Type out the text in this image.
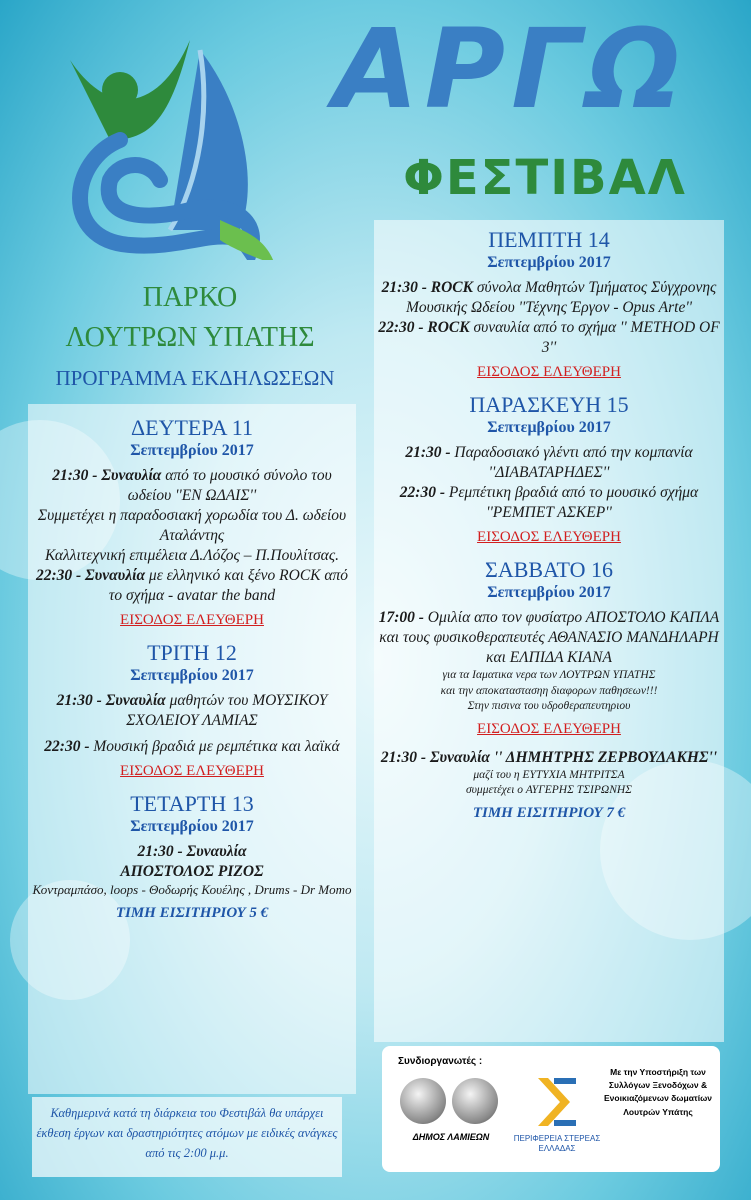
ΑΡΓΩ
ΦΕΣΤΙΒΑΛ
ΠΑΡΚΟ
ΛΟΥΤΡΩΝ ΥΠΑΤΗΣ
ΠΡΟΓΡΑΜΜΑ ΕΚΔΗΛΩΣΕΩΝ

ΔΕΥΤΕΡΑ 11

Σεπτεμβρίου 2017

21:30 - Συναυλία από το μουσικό σύνολο του ωδείου ''ΕΝ ΩΔΑΙΣ''

Συμμετέχει η παραδοσιακή χορωδία του Δ. ωδείου Αταλάντης

Καλλιτεχνική επιμέλεια Δ.Λόζος – Π.Πουλίτσας.

22:30 - Συναυλία με ελληνικό και ξένο ROCK από το σχήμα - avatar the band

ΕΙΣΟΔΟΣ ΕΛΕΥΘΕΡΗ

ΤΡΙΤΗ 12

Σεπτεμβρίου 2017

21:30 - Συναυλία μαθητών του ΜΟΥΣΙΚΟΥ ΣΧΟΛΕΙΟΥ ΛΑΜΙΑΣ

22:30 - Μουσική βραδιά με ρεμπέτικα και λαϊκά

ΕΙΣΟΔΟΣ ΕΛΕΥΘΕΡΗ

ΤΕΤΑΡΤΗ 13

Σεπτεμβρίου 2017

21:30 - Συναυλία

ΑΠΟΣΤΟΛΟΣ ΡΙΖΟΣ

Κοντραμπάσο, loops - Θοδωρής Κουέλης , Drums - Dr Momo

ΤΙΜΗ ΕΙΣΙΤΗΡΙΟΥ 5 €

Καθημερινά κατά τη διάρκεια του Φεστιβάλ θα υπάρχει έκθεση έργων και δραστηριότητες ατόμων με ειδικές ανάγκες από τις 2:00 μ.μ.

ΠΕΜΠΤΗ 14

Σεπτεμβρίου 2017

21:30 - ROCK σύνολα Μαθητών Τμήματος Σύγχρονης Μουσικής Ωδείου ''Τέχνης Έργον - Opus Arte''

22:30 - ROCK συναυλία από το σχήμα '' METHOD OF 3''

ΕΙΣΟΔΟΣ ΕΛΕΥΘΕΡΗ

ΠΑΡΑΣΚΕΥΗ 15

Σεπτεμβρίου 2017

21:30 - Παραδοσιακό γλέντι από την κομπανία ''ΔΙΑΒΑΤΑΡΗΔΕΣ''

22:30 - Ρεμπέτικη βραδιά από το μουσικό σχήμα ''ΡΕΜΠΕΤ ΑΣΚΕΡ''

ΕΙΣΟΔΟΣ ΕΛΕΥΘΕΡΗ

ΣΑΒΒΑΤΟ 16

Σεπτεμβρίου 2017

17:00 - Ομιλία απο τον φυσίατρο ΑΠΟΣΤΟΛΟ ΚΑΠΛΑ και τους φυσικοθεραπευτές ΑΘΑΝΑΣΙΟ ΜΑΝΔΗΛΑΡΗ και ΕΛΠΙΔΑ ΚΙΑΝΑ

για τα Ιαματικα νερα των ΛΟΥΤΡΩΝ ΥΠΑΤΗΣ

και την αποκαταστασηη διαφορων παθησεων!!!

Στην πισινα του υδροθεραπευτηριου

ΕΙΣΟΔΟΣ ΕΛΕΥΘΕΡΗ

21:30 - Συναυλία '' ΔΗΜΗΤΡΗΣ ΖΕΡΒΟΥΔΑΚΗΣ''

μαζί του η ΕΥΤΥΧΙΑ ΜΗΤΡΙΤΣΑ

συμμετέχει ο ΑΥΓΕΡΗΣ ΤΣΙΡΩΝΗΣ

ΤΙΜΗ ΕΙΣΙΤΗΡΙΟΥ 7 €

Συνδιοργανωτές :
ΔΗΜΟΣ ΛΑΜΙΕΩΝ	ΠΕΡΙΦΕΡΕΙΑ ΣΤΕΡΕΑΣ ΕΛΛΑΔΑΣ
Με την Υποστήριξη των Συλλόγων Ξενοδόχων & Ενοικιαζόμενων δωματίων Λουτρών Υπάτης
